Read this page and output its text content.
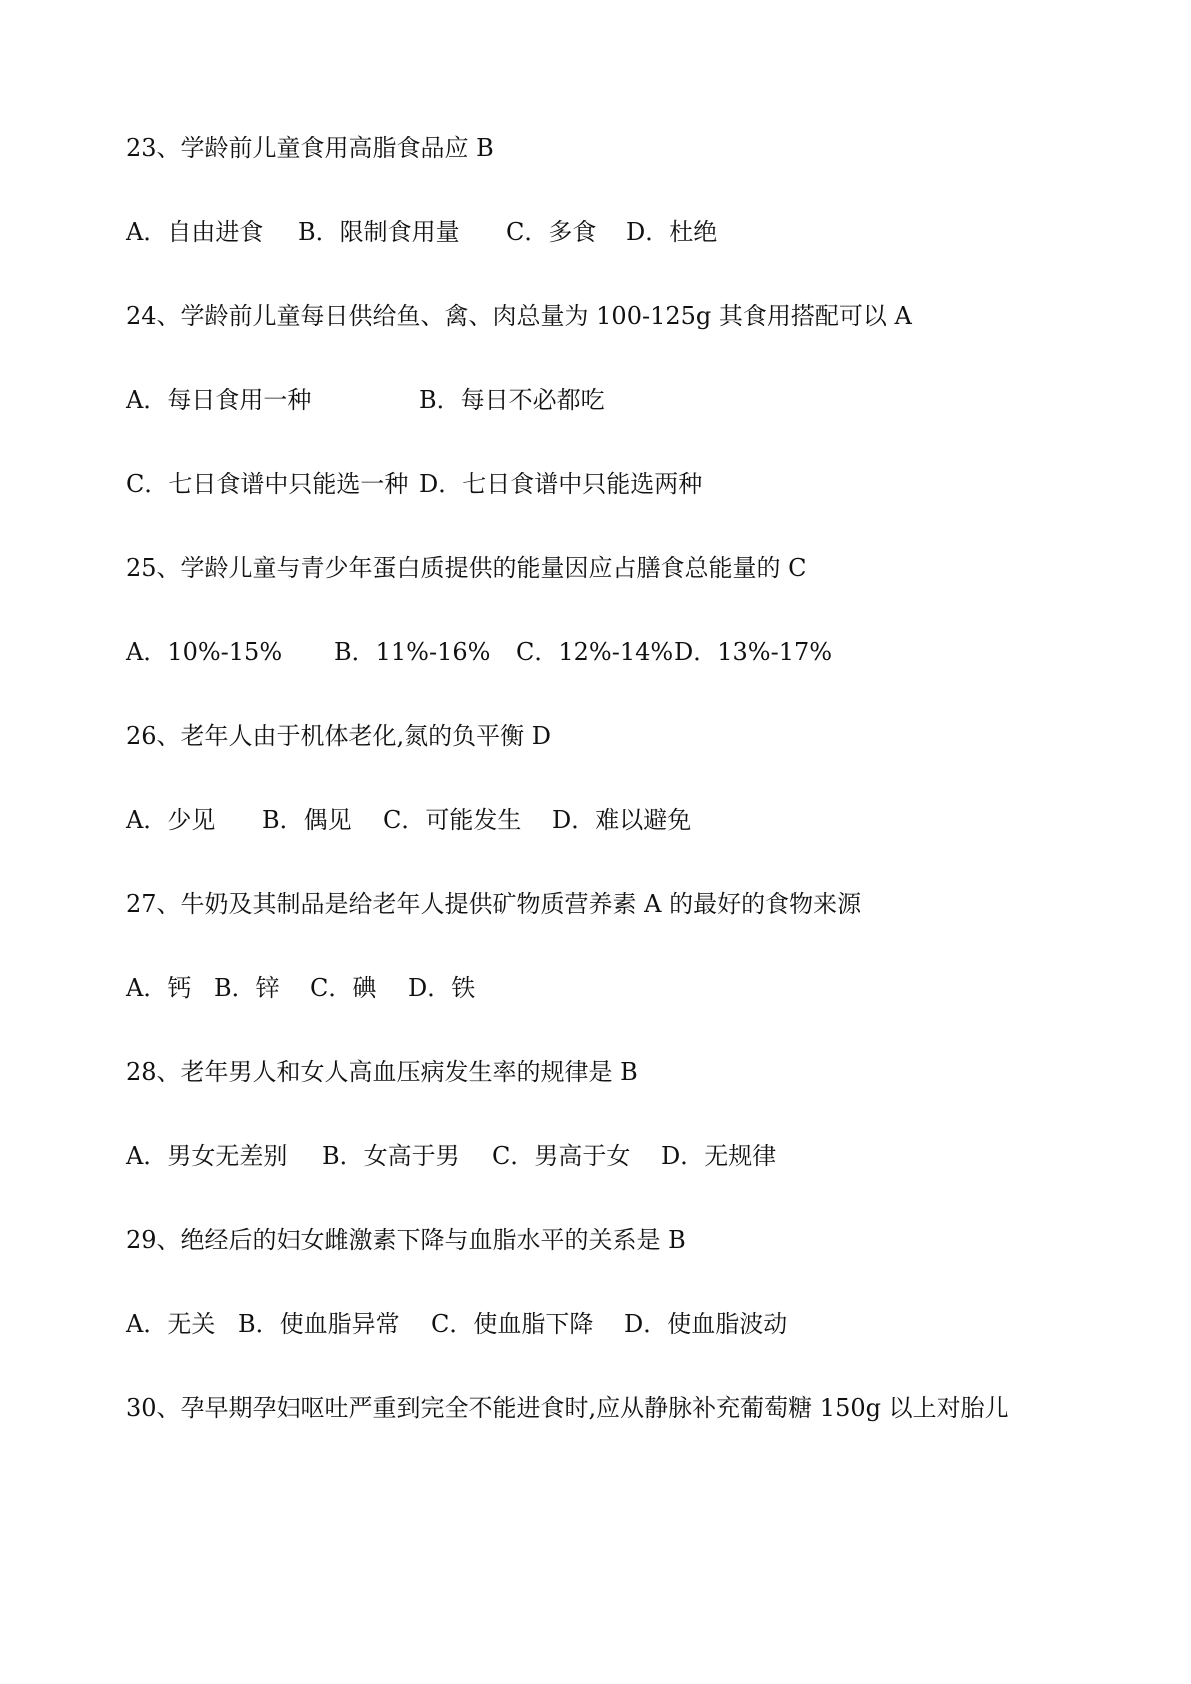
23、学龄前儿童食用高脂食品应 B
A．自由进食 B．限制食用量 C．多食 D．杜绝
24、学龄前儿童每日供给鱼、禽、肉总量为 100-125g 其食用搭配可以 A
A．每日食用一种	B．每日不必都吃
C．七日食谱中只能选一种 D．七日食谱中只能选两种
25、学龄儿童与青少年蛋白质提供的能量因应占膳食总能量的 C
A．10%-15% B．11%-16% C．12%-14% D．13%-17%
26、老年人由于机体老化,氮的负平衡 D
A．少见 B．偶见 C．可能发生 D．难以避免
27、牛奶及其制品是给老年人提供矿物质营养素 A 的最好的食物来源
A．钙 B．锌 C．碘 D．铁
28、老年男人和女人高血压病发生率的规律是 B
A．男女无差别 B．女高于男 C．男高于女 D．无规律
29、绝经后的妇女雌激素下降与血脂水平的关系是 B
A．无关 B．使血脂异常 C．使血脂下降 D．使血脂波动
30、孕早期孕妇呕吐严重到完全不能进食时,应从静脉补充葡萄糖 150g 以上对胎儿
